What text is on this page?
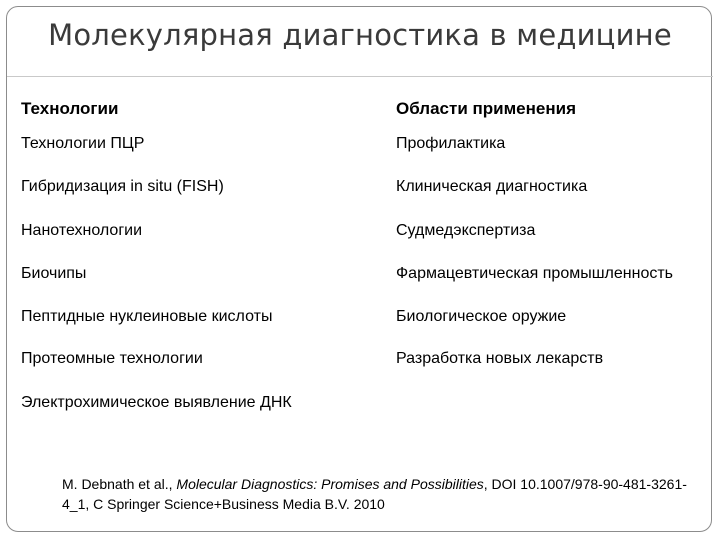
Молекулярная диагностика в медицине
Технологии	Области применения
Технологии ПЦР
Гибридизация in situ (FISH)
Нанотехнологии
Биочипы
Пептидные нуклеиновые кислоты
Протеомные технологии
Электрохимическое выявление ДНК
Профилактика
Клиническая диагностика
Судмедэкспертиза
Фармацевтическая промышленность
Биологическое оружие
Разработка новых лекарств
M. Debnath et al., Molecular Diagnostics: Promises and Possibilities, DOI 10.1007/978-90-481-3261-4_1, C Springer Science+Business Media B.V. 2010
